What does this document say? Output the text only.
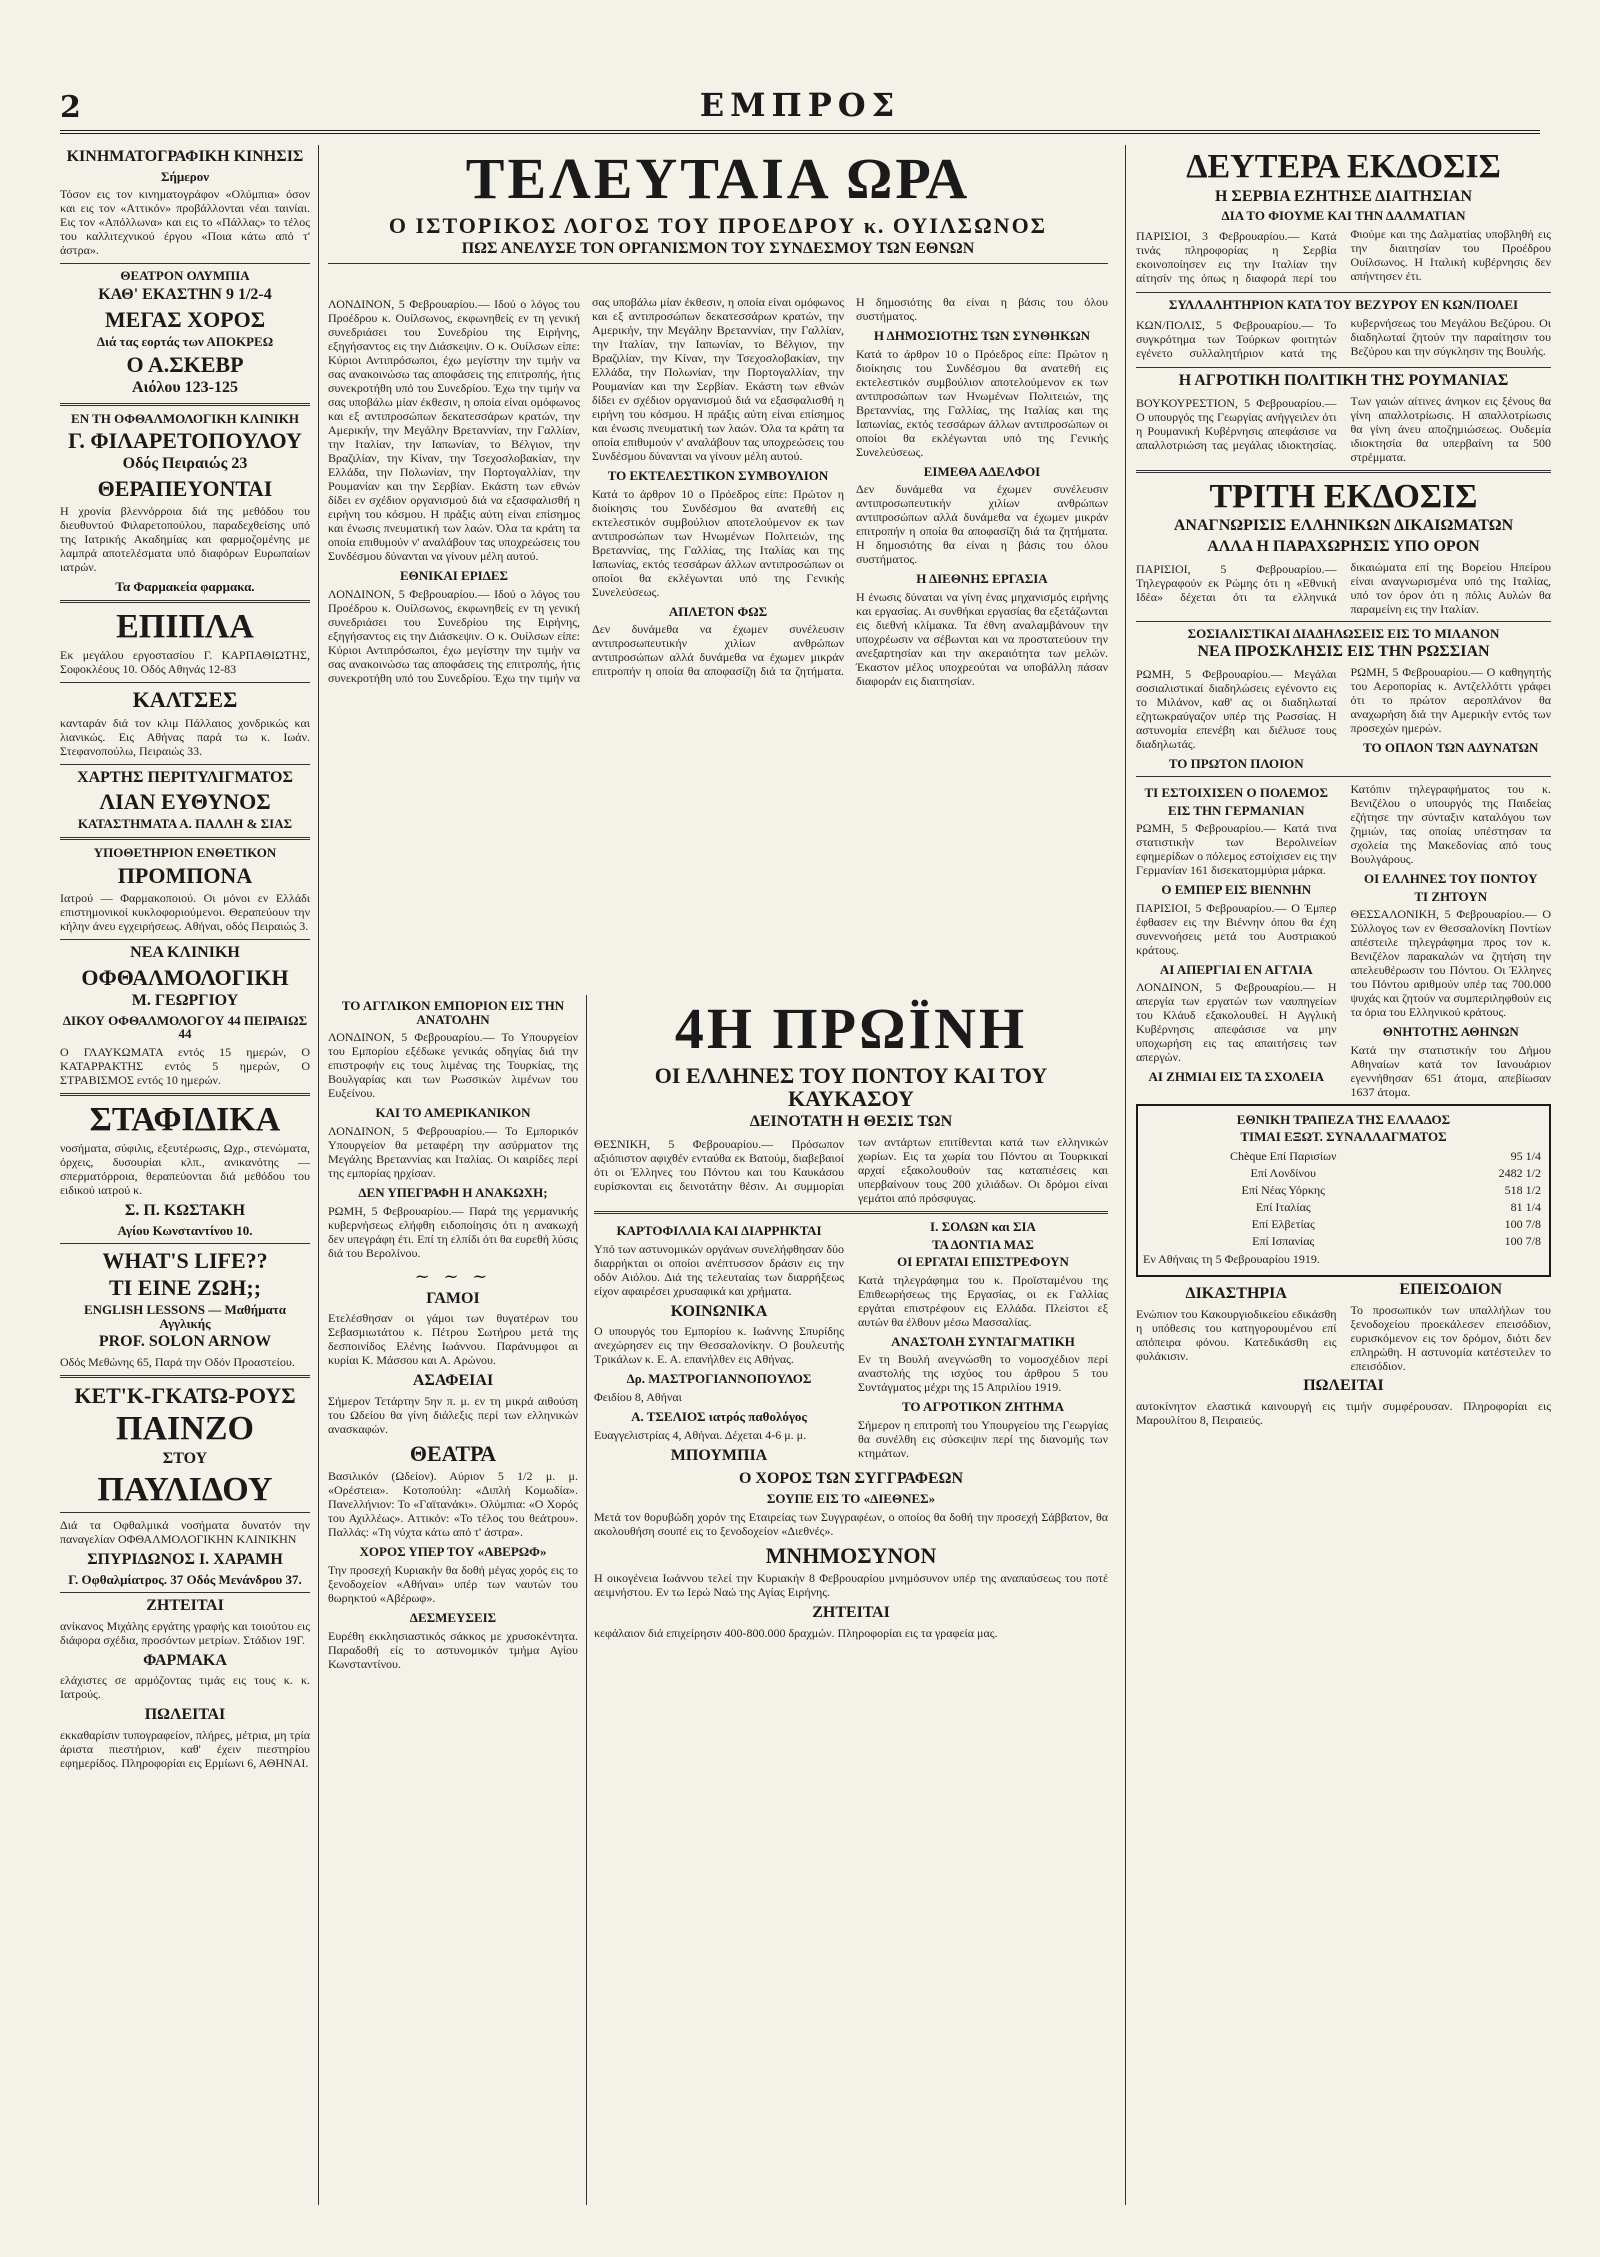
2	ΕΜΠΡΟΣ
ΚΙΝΗΜΑΤΟΓΡΑΦΙΚΗ ΚΙΝΗΣΙΣ
Σήμερον
Τόσον εις τον κινηματογράφον «Ολύμπια» όσον και εις τον «Αττικόν» προβάλλονται νέαι ταινίαι. Εις τον «Απόλλωνα» και εις το «Πάλλας» το τέλος του καλλιτεχνικού έργου «Ποια κάτω από τ' άστρα».
ΘΕΑΤΡΟΝ ΟΛΥΜΠΙΑ
ΚΑΘ' ΕΚΑΣΤΗΝ 9 1/2-4
ΜΕΓΑΣ ΧΟΡΟΣ
Διά τας εορτάς των ΑΠΟΚΡΕΩ
Ο Α.ΣΚΕΒΡ
Αιόλου 123-125
ΕΝ ΤΗ ΟΦΘΑΛΜΟΛΟΓΙΚΗ ΚΛΙΝΙΚΗ
Γ. ΦΙΛΑΡΕΤΟΠΟΥΛΟΥ
Οδός Πειραιώς 23
ΘΕΡΑΠΕΥΟΝΤΑΙ
Η χρονία βλεννόρροια διά της μεθόδου του διευθυντού Φιλαρετοπούλου, παραδεχθείσης υπό της Ιατρικής Ακαδημίας και φαρμοζομένης με λαμπρά αποτελέσματα υπό διαφόρων Ευρωπαίων ιατρών.
Τα Φαρμακεία φαρμακα.
ΕΠΙΠΛΑ
Εκ μεγάλου εργοστασίου Γ. ΚΑΡΠΑΘΙΩΤΗΣ, Σοφοκλέους 10. Οδός Αθηνάς 12-83
ΚΑΛΤΣΕΣ
κανταράν διά τον κλιμ Πάλλαιος χονδρικώς και λιανικώς. Εις Αθήνας παρά τω κ. Ιωάν. Στεφανοπούλω, Πειραιώς 33.
ΧΑΡΤΗΣ ΠΕΡΙΤΥΛΙΓΜΑΤΟΣ
ΛΙΑΝ ΕΥΘΥΝΟΣ
ΚΑΤΑΣΤΗΜΑΤΑ Α. ΠΑΛΛΗ & ΣΙΑΣ
ΥΠΟΘΕΤΗΡΙΟΝ ΕΝΘΕΤΙΚΟΝ
ΠΡΟΜΠΟΝΑ
Ιατρού — Φαρμακοποιού. Οι μόνοι εν Ελλάδι επιστημονικοί κυκλοφοριούμενοι. Θεραπεύουν την κήλην άνευ εγχειρήσεως. Αθήναι, οδός Πειραιώς 3.
ΝΕΑ ΚΛΙΝΙΚΗ
ΟΦΘΑΛΜΟΛΟΓΙΚΗ
Μ. ΓΕΩΡΓΙΟΥ
ΔΙΚΟΥ ΟΦΘΑΛΜΟΛΟΓΟΥ 44 ΠΕΙΡΑΙΩΣ 44
Ο ΓΛΑΥΚΩΜΑΤΑ εντός 15 ημερών, Ο ΚΑΤΑΡΡΑΚΤΗΣ εντός 5 ημερών, Ο ΣΤΡΑΒΙΣΜΟΣ εντός 10 ημερών.
ΣΤΑΦΙΔΙΚΑ
νοσήματα, σύφιλις, εξευτέρωσις, Ωχρ., στενώματα, όρχεις, δυσουρίαι κλπ., ανικανότης — σπερματόρροια, θεραπεύονται διά μεθόδου του ειδικού ιατρού κ.
Σ. Π. ΚΩΣΤΑΚΗ
Αγίου Κωνσταντίνου 10.
WHAT'S LIFE??
ΤΙ ΕΙΝΕ ΖΩΗ;;
ENGLISH LESSONS — Μαθήματα Αγγλικής
PROF. SOLON ARNOW
Οδός Μεθώνης 65, Παρά την Οδόν Προαστείου.
ΚΕΤ'Κ-ΓΚΑΤΩ-ΡΟΥΣ
ΠΑΙΝΖΟ
ΣΤΟΥ
ΠΑΥΛΙΔΟΥ
Διά τα Οφθαλμικά νοσήματα δυνατόν την παναγελίαν ΟΦΘΑΛΜΟΛΟΓΙΚΗΝ ΚΛΙΝΙΚΗΝ
ΣΠΥΡΙΔΩΝΟΣ Ι. ΧΑΡΑΜΗ
Γ. Οφθαλμίατρος. 37 Οδός Μενάνδρου 37.
ΖΗΤΕΙΤΑΙ
ανίκανος Μιχάλης εργάτης γραφής και τοιούτου εις διάφορα σχέδια, προσόντων μετρίων. Στάδιον 19Γ.
ΦΑΡΜΑΚΑ
ελάχιστες σε αρμόζοντας τιμάς εις τους κ. κ. Ιατρούς.
ΠΩΛΕΙΤΑΙ
εκκαθαρίσιν τυπογραφείον, πλήρες, μέτρια, μη τρία άριστα πιεστήριον, καθ' έχειν πιεστηρίου εφημερίδος. Πληροφορίαι εις Ερμίωνι 6, ΑΘΗΝΑΙ.
ΤΕΛΕΥΤΑΙΑ ΩΡΑ
Ο ΙΣΤΟΡΙΚΟΣ ΛΟΓΟΣ ΤΟΥ ΠΡΟΕΔΡΟΥ κ. ΟΥΙΛΣΩΝΟΣ
ΠΩΣ ΑΝΕΛΥΣΕ ΤΟΝ ΟΡΓΑΝΙΣΜΟΝ ΤΟΥ ΣΥΝΔΕΣΜΟΥ ΤΩΝ ΕΘΝΩΝ
ΛΟΝΔΙΝΟΝ, 5 Φεβρουαρίου.— Ιδού ο λόγος του Προέδρου κ. Ουίλσωνος, εκφωνηθείς εν τη γενική συνεδριάσει του Συνεδρίου της Ειρήνης, εξηγήσαντος εις την Διάσκεψιν. Ο κ. Ουίλσων είπε: Κύριοι Αντιπρόσωποι, έχω μεγίστην την τιμήν να σας ανακοινώσω τας αποφάσεις της επιτροπής, ήτις συνεκροτήθη υπό του Συνεδρίου. Έχω την τιμήν να σας υποβάλω μίαν έκθεσιν, η οποία είναι ομόφωνος και εξ αντιπροσώπων δεκατεσσάρων κρατών, την Αμερικήν, την Μεγάλην Βρεταννίαν, την Γαλλίαν, την Ιταλίαν, την Ιαπωνίαν, το Βέλγιον, την Βραζιλίαν, την Κίναν, την Τσεχοσλοβακίαν, την Ελλάδα, την Πολωνίαν, την Πορτογαλλίαν, την Ρουμανίαν και την Σερβίαν. Εκάστη των εθνών δίδει εν σχέδιον οργανισμού διά να εξασφαλισθή η ειρήνη του κόσμου. Η πράξις αύτη είναι επίσημος και ένωσις πνευματική των λαών. Όλα τα κράτη τα οποία επιθυμούν ν' αναλάβουν τας υποχρεώσεις του Συνδέσμου δύνανται να γίνουν μέλη αυτού.
ΕΘΝΙΚΑΙ ΕΡΙΔΕΣ
ΛΟΝΔΙΝΟΝ, 5 Φεβρουαρίου.— Ιδού ο λόγος του Προέδρου κ. Ουίλσωνος, εκφωνηθείς εν τη γενική συνεδριάσει του Συνεδρίου της Ειρήνης, εξηγήσαντος εις την Διάσκεψιν. Ο κ. Ουίλσων είπε: Κύριοι Αντιπρόσωποι, έχω μεγίστην την τιμήν να σας ανακοινώσω τας αποφάσεις της επιτροπής, ήτις συνεκροτήθη υπό του Συνεδρίου. Έχω την τιμήν να σας υποβάλω μίαν έκθεσιν, η οποία είναι ομόφωνος και εξ αντιπροσώπων δεκατεσσάρων κρατών, την Αμερικήν, την Μεγάλην Βρεταννίαν, την Γαλλίαν, την Ιταλίαν, την Ιαπωνίαν, το Βέλγιον, την Βραζιλίαν, την Κίναν, την Τσεχοσλοβακίαν, την Ελλάδα, την Πολωνίαν, την Πορτογαλλίαν, την Ρουμανίαν και την Σερβίαν. Εκάστη των εθνών δίδει εν σχέδιον οργανισμού διά να εξασφαλισθή η ειρήνη του κόσμου. Η πράξις αύτη είναι επίσημος και ένωσις πνευματική των λαών. Όλα τα κράτη τα οποία επιθυμούν ν' αναλάβουν τας υποχρεώσεις του Συνδέσμου δύνανται να γίνουν μέλη αυτού.
ΤΟ ΕΚΤΕΛΕΣΤΙΚΟΝ ΣΥΜΒΟΥΛΙΟΝ
Κατά το άρθρον 10 ο Πρόεδρος είπε: Πρώτον η διοίκησις του Συνδέσμου θα ανατεθή εις εκτελεστικόν συμβούλιον αποτελούμενον εκ των αντιπροσώπων των Ηνωμένων Πολιτειών, της Βρεταννίας, της Γαλλίας, της Ιταλίας και της Ιαπωνίας, εκτός τεσσάρων άλλων αντιπροσώπων οι οποίοι θα εκλέγωνται υπό της Γενικής Συνελεύσεως.
ΑΠΛΕΤΟΝ ΦΩΣ
Δεν δυνάμεθα να έχωμεν συνέλευσιν αντιπροσωπευτικήν χιλίων ανθρώπων αντιπροσώπων αλλά δυνάμεθα να έχωμεν μικράν επιτροπήν η οποία θα αποφασίζη διά τα ζητήματα. Η δημοσιότης θα είναι η βάσις του όλου συστήματος.
Η ΔΗΜΟΣΙΟΤΗΣ ΤΩΝ ΣΥΝΘΗΚΩΝ
Κατά το άρθρον 10 ο Πρόεδρος είπε: Πρώτον η διοίκησις του Συνδέσμου θα ανατεθή εις εκτελεστικόν συμβούλιον αποτελούμενον εκ των αντιπροσώπων των Ηνωμένων Πολιτειών, της Βρεταννίας, της Γαλλίας, της Ιταλίας και της Ιαπωνίας, εκτός τεσσάρων άλλων αντιπροσώπων οι οποίοι θα εκλέγωνται υπό της Γενικής Συνελεύσεως.
ΕΙΜΕΘΑ ΑΔΕΛΦΟΙ
Δεν δυνάμεθα να έχωμεν συνέλευσιν αντιπροσωπευτικήν χιλίων ανθρώπων αντιπροσώπων αλλά δυνάμεθα να έχωμεν μικράν επιτροπήν η οποία θα αποφασίζη διά τα ζητήματα. Η δημοσιότης θα είναι η βάσις του όλου συστήματος.
Η ΔΙΕΘΝΗΣ ΕΡΓΑΣΙΑ
Η ένωσις δύναται να γίνη ένας μηχανισμός ειρήνης και εργασίας. Αι συνθήκαι εργασίας θα εξετάζωνται εις διεθνή κλίμακα. Τα έθνη αναλαμβάνουν την υποχρέωσιν να σέβωνται και να προστατεύουν την ανεξαρτησίαν και την ακεραιότητα των μελών. Έκαστον μέλος υποχρεούται να υποβάλλη πάσαν διαφοράν εις διαιτησίαν.
ΤΟ ΑΓΓΛΙΚΟΝ ΕΜΠΟΡΙΟΝ ΕΙΣ ΤΗΝ ΑΝΑΤΟΛΗΝ
ΛΟΝΔΙΝΟΝ, 5 Φεβρουαρίου.— Το Υπουργείον του Εμπορίου εξέδωκε γενικάς οδηγίας διά την επιστροφήν εις τους λιμένας της Τουρκίας, της Βουλγαρίας και των Ρωσσικών λιμένων του Ευξείνου.
ΚΑΙ ΤΟ ΑΜΕΡΙΚΑΝΙΚΟΝ
ΛΟΝΔΙΝΟΝ, 5 Φεβρουαρίου.— Το Εμπορικόν Υπουργείον θα μεταφέρη την ασύρματον της Μεγάλης Βρεταννίας και Ιταλίας. Οι καιρίδες περί της εμπορίας ηρχίσαν.
ΔΕΝ ΥΠΕΓΡΑΦΗ Η ΑΝΑΚΩΧΗ;
ΡΩΜΗ, 5 Φεβρουαρίου.— Παρά της γερμανικής κυβερνήσεως ελήφθη ειδοποίησις ότι η ανακωχή δεν υπεγράφη έτι. Επί τη ελπίδι ότι θα ευρεθή λύσις διά του Βερολίνου.
~ ~ ~
ΓΑΜΟΙ
Ετελέσθησαν οι γάμοι των θυγατέρων του Σεβασμιωτάτου κ. Πέτρου Σωτήρου μετά της δεσποινίδος Ελένης Ιωάννου. Παράνυμφοι αι κυρίαι Κ. Μάσσου και Α. Αρώνου.
ΑΣΑΦΕΙΑΙ
Σήμερον Τετάρτην 5ην π. μ. εν τη μικρά αιθούση του Ωδείου θα γίνη διάλεξις περί των ελληνικών ανασκαφών.
ΘΕΑΤΡΑ
Βασιλικόν (Ωδείον). Αύριον 5 1/2 μ. μ. «Ορέστεια». Κοτοπούλη: «Διπλή Κομωδία». Πανελλήνιον: Το «Γαϊτανάκι». Ολύμπια: «Ο Χορός του Αχιλλέως». Αττικόν: «Το τέλος του θεάτρου». Παλλάς: «Τη νύχτα κάτω από τ' άστρα».
ΧΟΡΟΣ ΥΠΕΡ ΤΟΥ «ΑΒΕΡΩΦ»
Την προσεχή Κυριακήν θα δοθή μέγας χορός εις το ξενοδοχείον «Αθήναι» υπέρ των ναυτών του θωρηκτού «Αβέρωφ».
ΔΕΣΜΕΥΣΕΙΣ
Ευρέθη εκκλησιαστικός σάκκος με χρυσοκέντητα. Παραδοθή είς το αστυνομικόν τμήμα Αγίου Κωνσταντίνου.
4Η ΠΡΩΪΝΗ
ΟΙ ΕΛΛΗΝΕΣ ΤΟΥ ΠΟΝΤΟΥ ΚΑΙ ΤΟΥ ΚΑΥΚΑΣΟΥ
ΔΕΙΝΟΤΑΤΗ Η ΘΕΣΙΣ ΤΩΝ
ΘΕΣΝΙΚΗ, 5 Φεβρουαρίου.— Πρόσωπον αξιόπιστον αφιχθέν ενταύθα εκ Βατούμ, διαβεβαιοί ότι οι Έλληνες του Πόντου και του Καυκάσου ευρίσκονται εις δεινοτάτην θέσιν. Αι συμμορίαι των αντάρτων επιτίθενται κατά των ελληνικών χωρίων. Εις τα χωρία του Πόντου αι Τουρκικαί αρχαί εξακολουθούν τας καταπιέσεις και υπερβαίνουν τους 200 χιλιάδων. Οι δρόμοι είναι γεμάτοι από πρόσφυγας.
ΚΑΡΤΟΦΙΛΛΙΑ ΚΑΙ ΔΙΑΡΡΗΚΤΑΙ
Υπό των αστυνομικών οργάνων συνελήφθησαν δύο διαρρήκται οι οποίοι ανέπτυσσον δράσιν εις την οδόν Αιόλου. Διά της τελευταίας των διαρρήξεως είχον αφαιρέσει χρυσαφικά και χρήματα.
ΚΟΙΝΩΝΙΚΑ
Ο υπουργός του Εμπορίου κ. Ιωάννης Σπυρίδης ανεχώρησεν εις την Θεσσαλονίκην. Ο βουλευτής Τρικάλων κ. Ε. Α. επανήλθεν εις Αθήνας.
Δρ. ΜΑΣΤΡΟΓΙΑΝΝΟΠΟΥΛΟΣ
Φειδίου 8, Αθήναι
Α. ΤΣΕΛΙΟΣ ιατρός παθολόγος
Ευαγγελιστρίας 4, Αθήναι. Δέχεται 4-6 μ. μ.
ΜΠΟΥΜΠΙΑ
Ι. ΣΟΛΩΝ και ΣΙΑ
ΤΑ ΔΟΝΤΙΑ ΜΑΣ
ΟΙ ΕΡΓΑΤΑΙ ΕΠΙΣΤΡΕΦΟΥΝ
Κατά τηλεγράφημα του κ. Προϊσταμένου της Επιθεωρήσεως της Εργασίας, οι εκ Γαλλίας εργάται επιστρέφουν εις Ελλάδα. Πλείστοι εξ αυτών θα έλθουν μέσω Μασσαλίας.
ΑΝΑΣΤΟΛΗ ΣΥΝΤΑΓΜΑΤΙΚΗ
Εν τη Βουλή ανεγνώσθη το νομοσχέδιον περί αναστολής της ισχύος του άρθρου 5 του Συντάγματος μέχρι της 15 Απριλίου 1919.
ΤΟ ΑΓΡΟΤΙΚΟΝ ΖΗΤΗΜΑ
Σήμερον η επιτροπή του Υπουργείου της Γεωργίας θα συνέλθη εις σύσκεψιν περί της διανομής των κτημάτων.
Ο ΧΟΡΟΣ ΤΩΝ ΣΥΓΓΡΑΦΕΩΝ
ΣΟΥΠΕ ΕΙΣ ΤΟ «ΔΙΕΘΝΕΣ»
Μετά τον θορυβώδη χορόν της Εταιρείας των Συγγραφέων, ο οποίος θα δοθή την προσεχή Σάββατον, θα ακολουθήση σουπέ εις το ξενοδοχείον «Διεθνές».
ΜΝΗΜΟΣΥΝΟΝ
Η οικογένεια Ιωάννου τελεί την Κυριακήν 8 Φεβρουαρίου μνημόσυνον υπέρ της αναπαύσεως του ποτέ αειμνήστου. Εν τω Ιερώ Ναώ της Αγίας Ειρήνης.
ΖΗΤΕΙΤΑΙ
κεφάλαιον διά επιχείρησιν 400-800.000 δραχμών. Πληροφορίαι εις τα γραφεία μας.
ΔΕΥΤΕΡΑ ΕΚΔΟΣΙΣ
Η ΣΕΡΒΙΑ ΕΖΗΤΗΣΕ ΔΙΑΙΤΗΣΙΑΝ
ΔΙΑ ΤΟ ΦΙΟΥΜΕ ΚΑΙ ΤΗΝ ΔΑΛΜΑΤΙΑΝ
ΠΑΡΙΣΙΟΙ, 3 Φεβρουαρίου.— Κατά τινάς πληροφορίας η Σερβία εκοινοποίησεν εις την Ιταλίαν την αίτησίν της όπως η διαφορά περί του Φιούμε και της Δαλματίας υποβληθή εις την διαιτησίαν του Προέδρου Ουίλσωνος. Η Ιταλική κυβέρνησις δεν απήντησεν έτι.
ΣΥΛΛΑΛΗΤΗΡΙΟΝ ΚΑΤΑ ΤΟΥ ΒΕΖΥΡΟΥ ΕΝ ΚΩΝ/ΠΟΛΕΙ
ΚΩΝ/ΠΟΛΙΣ, 5 Φεβρουαρίου.— Το συγκρότημα των Τούρκων φοιτητών εγένετο συλλαλητήριον κατά της κυβερνήσεως του Μεγάλου Βεζύρου. Οι διαδηλωταί ζητούν την παραίτησιν του Βεζύρου και την σύγκλησιν της Βουλής.
Η ΑΓΡΟΤΙΚΗ ΠΟΛΙΤΙΚΗ ΤΗΣ ΡΟΥΜΑΝΙΑΣ
ΒΟΥΚΟΥΡΕΣΤΙΟΝ, 5 Φεβρουαρίου.— Ο υπουργός της Γεωργίας ανήγγειλεν ότι η Ρουμανική Κυβέρνησις απεφάσισε να απαλλοτριώση τας μεγάλας ιδιοκτησίας. Των γαιών αίτινες άνηκον εις ξένους θα γίνη απαλλοτρίωσις. Η απαλλοτρίωσις θα γίνη άνευ αποζημιώσεως. Ουδεμία ιδιοκτησία θα υπερβαίνη τα 500 στρέμματα.
ΤΡΙΤΗ ΕΚΔΟΣΙΣ
ΑΝΑΓΝΩΡΙΣΙΣ ΕΛΛΗΝΙΚΩΝ ΔΙΚΑΙΩΜΑΤΩΝ
ΑΛΛΑ Η ΠΑΡΑΧΩΡΗΣΙΣ ΥΠΟ ΟΡΟΝ
ΠΑΡΙΣΙΟΙ, 5 Φεβρουαρίου.— Τηλεγραφούν εκ Ρώμης ότι η «Εθνική Ιδέα» δέχεται ότι τα ελληνικά δικαιώματα επί της Βορείου Ηπείρου είναι αναγνωρισμένα υπό της Ιταλίας, υπό τον όρον ότι η πόλις Αυλών θα παραμείνη εις την Ιταλίαν.
ΣΟΣΙΑΛΙΣΤΙΚΑΙ ΔΙΑΔΗΛΩΣΕΙΣ ΕΙΣ ΤΟ ΜΙΛΑΝΟΝ
ΝΕΑ ΠΡΟΣΚΛΗΣΙΣ ΕΙΣ ΤΗΝ ΡΩΣΣΙΑΝ
ΡΩΜΗ, 5 Φεβρουαρίου.— Μεγάλαι σοσιαλιστικαί διαδηλώσεις εγένοντο εις το Μιλάνον, καθ' ας οι διαδηλωταί εζητωκραύγαζον υπέρ της Ρωσσίας. Η αστυνομία επενέβη και διέλυσε τους διαδηλωτάς.
ΤΟ ΠΡΩΤΟΝ ΠΛΟΙΟΝ
ΡΩΜΗ, 5 Φεβρουαρίου.— Ο καθηγητής του Αεροπορίας κ. Αντζελλόττι γράφει ότι το πρώτον αεροπλάνον θα αναχωρήση διά την Αμερικήν εντός των προσεχών ημερών.
ΤΟ ΟΠΛΟΝ ΤΩΝ ΑΔΥΝΑΤΩΝ
ΤΙ ΕΣΤΟΙΧΙΣΕΝ Ο ΠΟΛΕΜΟΣ
ΕΙΣ ΤΗΝ ΓΕΡΜΑΝΙΑΝ
ΡΩΜΗ, 5 Φεβρουαρίου.— Κατά τινα στατιστικήν των Βερολινείων εφημερίδων ο πόλεμος εστοίχισεν εις την Γερμανίαν 161 δισεκατομμύρια μάρκα.
Ο ΕΜΠΕΡ ΕΙΣ ΒΙΕΝΝΗΝ
ΠΑΡΙΣΙΟΙ, 5 Φεβρουαρίου.— Ο Έμπερ έφθασεν εις την Βιέννην όπου θα έχη συνεννοήσεις μετά του Αυστριακού κράτους.
ΑΙ ΑΠΕΡΓΙΑΙ ΕΝ ΑΓΓΛΙΑ
ΛΟΝΔΙΝΟΝ, 5 Φεβρουαρίου.— Η απεργία των εργατών των ναυπηγείων του Κλάυδ εξακολουθεί. Η Αγγλική Κυβέρνησις απεφάσισε να μην υποχωρήση εις τας απαιτήσεις των απεργών.
ΑΙ ΖΗΜΙΑΙ ΕΙΣ ΤΑ ΣΧΟΛΕΙΑ
Κατόπιν τηλεγραφήματος του κ. Βενιζέλου ο υπουργός της Παιδείας εζήτησε την σύνταξιν καταλόγου των ζημιών, τας οποίας υπέστησαν τα σχολεία της Μακεδονίας από τους Βουλγάρους.
ΟΙ ΕΛΛΗΝΕΣ ΤΟΥ ΠΟΝΤΟΥ
ΤΙ ΖΗΤΟΥΝ
ΘΕΣΣΑΛΟΝΙΚΗ, 5 Φεβρουαρίου.— Ο Σύλλογος των εν Θεσσαλονίκη Ποντίων απέστειλε τηλεγράφημα προς τον κ. Βενιζέλον παρακαλών να ζητήση την απελευθέρωσιν του Πόντου. Οι Έλληνες του Πόντου αριθμούν υπέρ τας 700.000 ψυχάς και ζητούν να συμπεριληφθούν εις τα όρια του Ελληνικού κράτους.
ΘΝΗΤΟΤΗΣ ΑΘΗΝΩΝ
Κατά την στατιστικήν του Δήμου Αθηναίων κατά τον Ιανουάριον εγεννήθησαν 651 άτομα, απεβίωσαν 1637 άτομα.
ΕΘΝΙΚΗ ΤΡΑΠΕΖΑ ΤΗΣ ΕΛΛΑΔΟΣ
ΤΙΜΑΙ ΕΞΩΤ. ΣΥΝΑΛΛΑΓΜΑΤΟΣ
Chèque Επί Παρισίων	95 1/4
Επί Λονδίνου	2482 1/2
Επί Νέας Υόρκης	518 1/2
Επί Ιταλίας	81 1/4
Επί Ελβετίας	100 7/8
Επί Ισπανίας	100 7/8
Εν Αθήναις τη 5 Φεβρουαρίου 1919.
ΔΙΚΑΣΤΗΡΙΑ
Ενώπιον του Κακουργιοδικείου εδικάσθη η υπόθεσις του κατηγορουμένου επί απόπειρα φόνου. Κατεδικάσθη εις φυλάκισιν.
ΕΠΕΙΣΟΔΙΟΝ
Το προσωπικόν των υπαλλήλων του ξενοδοχείου προεκάλεσεν επεισόδιον, ευρισκόμενον εις τον δρόμον, διότι δεν επληρώθη. Η αστυνομία κατέστειλεν το επεισόδιον.
ΠΩΛΕΙΤΑΙ
αυτοκίνητον ελαστικά καινουργή εις τιμήν συμφέρουσαν. Πληροφορίαι εις Μαρουλίτου 8, Πειραιεύς.
